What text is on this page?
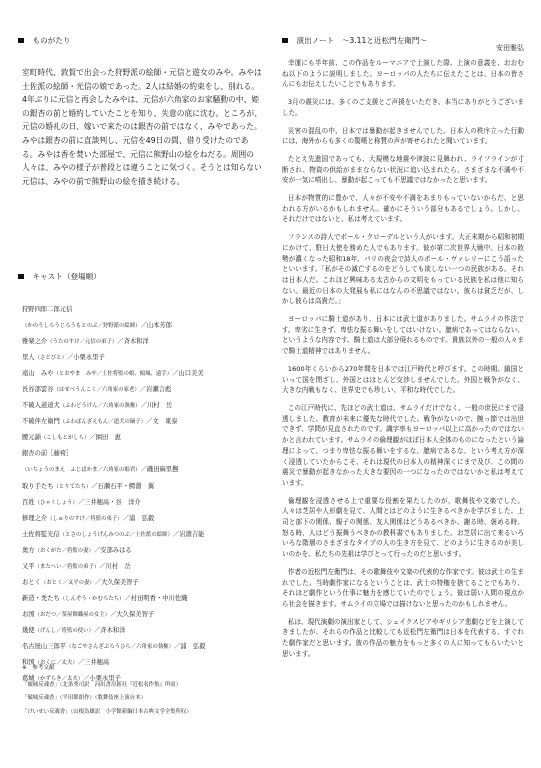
ものがたり

室町時代、敦賀で出会った狩野派の絵師・元信と遊女のみや。みやは土佐派の絵師・光信の娘であった。2人は結婚の約束をし、別れる。4年ぶりに元信と再会したみやは、元信が六角家のお家騒動の中、姫の銀杏の前と婚約していたことを知り、失意の底に沈む。ところが、元信の婚礼の日、嫁いで来たのは銀杏の前ではなく、みやであった。みやは銀杏の前に直談判し、元信を49日の間、借り受けたのである。みやは香を焚いた部屋で、元信に熊野山の絵をねだる。周囲の人々は、みやの様子が普段とは違うことに気づく。そうとは知らない元信は、みやの前で熊野山の絵を描き続ける。

キャスト（登場順）
狩野四郎二郎元信
（かのうしろうじろうもとのぶ／狩野派の絵師）／山本芳郎
雅楽之介（うたのすけ／元信の弟子）／斉木和洋
里人（さとびと）／小栗永里子
遠山　みや（とおやま　みや／土佐将監の娘、傾城、遠手）／山口美美
長谷部雲谷（はせべうんこく／六角家の家老）／岩瀬言彪
不破入道道犬（ふわどうけん／六角家の執権）／川村　岳
不破伴左衛門（ふわばんざえもん／道犬の嫡子）／文　東泰
腰元韻（こしもとがしら）／園田　恵
銀杏の前［藤袴］
（いちょうのまえ　ふじばかま／六角家の姫君）／磯田麻里撫
取り手たち（とりてたち）／石瀬石平・鰐淵　翼
百姓（ひゃくしょう）／三井穂高・谷　洋介
修理之介（しゅりのすけ／将監の弟子）／浦　弘毅
土佐将監光信（とさのしょうげんみつのぶ／土佐派の絵師）／岩淵吉能
奥方（おくがた／将監の妻）／安部みはる
又平（またへい／将監の弟子）／川村　岳
おとく（おとく／又平の妻）／大久保美智子
新造・禿たち（しんぞう・かむろたち）／村田明香・中川佐織
お国（おだつ／茶屋舞職屋の女主）／大久保美智子
幾使（げんし／将監の使い）／斉木和洋
名古屋山三郎平（なごやさんざぶろうひら／六角家の執権）／浦　弘毅
和国（おくに／太夫）／三井穂高
葛城（かずらき／太夫）／小栗永里子
※　参考文献
「傾城反魂香」（北条秀司訳　河出書房新社『近松名作集』所収）
「傾城反魂香」（平田節朗作）（歌舞伎座上演台本）
「けいせい反魂香」（山根為雄訳　小学館新編日本古典文学全集所収）
演出ノート　～3.11と近松門左衛門～
安田雅弘

幸運にも半年前、この作品をルーマニアで上演した際、上演の意義を、おおむね以下のように説明しました。ヨーロッパの人たちに伝えたことは、日本の皆さんにもお伝えしたいことでもあります。

3月の震災には、多くのご支援とご声援をいただき、本当にありがとうございました。

災害の混乱の中、日本では暴動が起きませんでした。日本人の秩序立った行動には、海外からも多くの驚嘆と称賛の声が寄せられたと聞いています。

たとえ先進国であっても、大規模な地震や津波に見舞われ、ライフラインが寸断され、物資の供給がままならない状況に追い込まれたら、さまざまな不満や不安が一気に噴出し、暴動が起こっても不思議ではなかったと思います。

日本が物質的に豊かで、人々が不安や不満をあまりもっていないからだ、と思われる方がいるかもしれません。確かにそういう部分もあるでしょう。しかし、それだけではないと、私は考えています。

フランスの詩人でポール・クローデルという人がいます。大正末期から昭和初期にかけて、駐日大使を務めた人でもあります。彼が第二次世界大戦中、日本の敗勢が濃くなった昭和18年、パリの夜会で詩人のポール・ヴァレリーにこう語ったといいます。「私がその滅亡するのをどうしても欲しない一つの民族がある。それは日本人だ。これほど興味ある太古からの文明をもっている民族を私は他に知らない。最近の日本の大発展も私にはなんの不思議ではない。彼らは貧乏だが、しかし彼らは高貴だ。」

ヨーロッパに騎士道があり、日本には武士道がありました。サムライの作法です。卑劣に生きず、卑怯な振る舞いをしてはいけない。臆病であってはならない、というような内容です。騎士道は大部分廃れるものです。貴族以外の一般の人々まで騎士道精神ではありません。

1600年くらいから270年間を日本では江戸時代と呼びます。この時期、鎖国といって国を閉ざし、外国とはほとんど交渉しませんでした。外国と戦争がなく、大きな内戦もなく、世界史でも珍しい、平和な時代でした。

この江戸時代に、先ほどの武士道は、サムライだけでなく、一般の庶民にまで浸透しました。教育が未来に優先な時代でした。戦争がないので、腕っ節では出世できず、学問が見直されたのです。識字率もヨーロッパ以上に高かったのではないかと言われています。サムライの倫理観がほぼ日本人全体のものになったという論理によって、つまり卑怯な振る舞いをするな、臆病であるな、という考え方が深く浸透していたからこそ、それは現代の日本人の精神深くにまで及び、この間の震災で暴動が起きなかった大きな要因の一つになったのではないかと私は考えています。

倫理観を浸透させる上で重要な役割を果たしたのが、歌舞伎や文楽でした。人々は芝居や人形劇を見て、人間とはどのように生きるべきかを学びました。上司と部下の関係、親子の関係、友人関係はどうあるべきか、謝る時、褒める時、怒る時、人はどう振舞うべきかの教科書でもありました。お芝居に出て来るいろいろな階層のさまざまなタイプの人の生き方を見て、どのように生きるのが美しいのかを、私たちの先祖は学びとって行ったのだと思います。

作者の近松門左衛門は、その歌舞伎や文楽の代表的な作家です。彼は武士の生まれでした。当時劇作家になるということは、武士の特権を捨てることでもあり、それほど劇作という仕事に魅力を感じていたのでしょう。彼は弱い人間の視点から社会を描きます。サムライの立場では描けないと思ったのかもしれません。

私は、現代演劇の演出家として、シェイクスピアやギリシア悲劇などを上演してきましたが、それらの作品と比較しても近松門左衛門は日本を代表する、すぐれた劇作家だと思います。彼の作品の魅力をもっと多くの人に知ってもらいたいと思います。
